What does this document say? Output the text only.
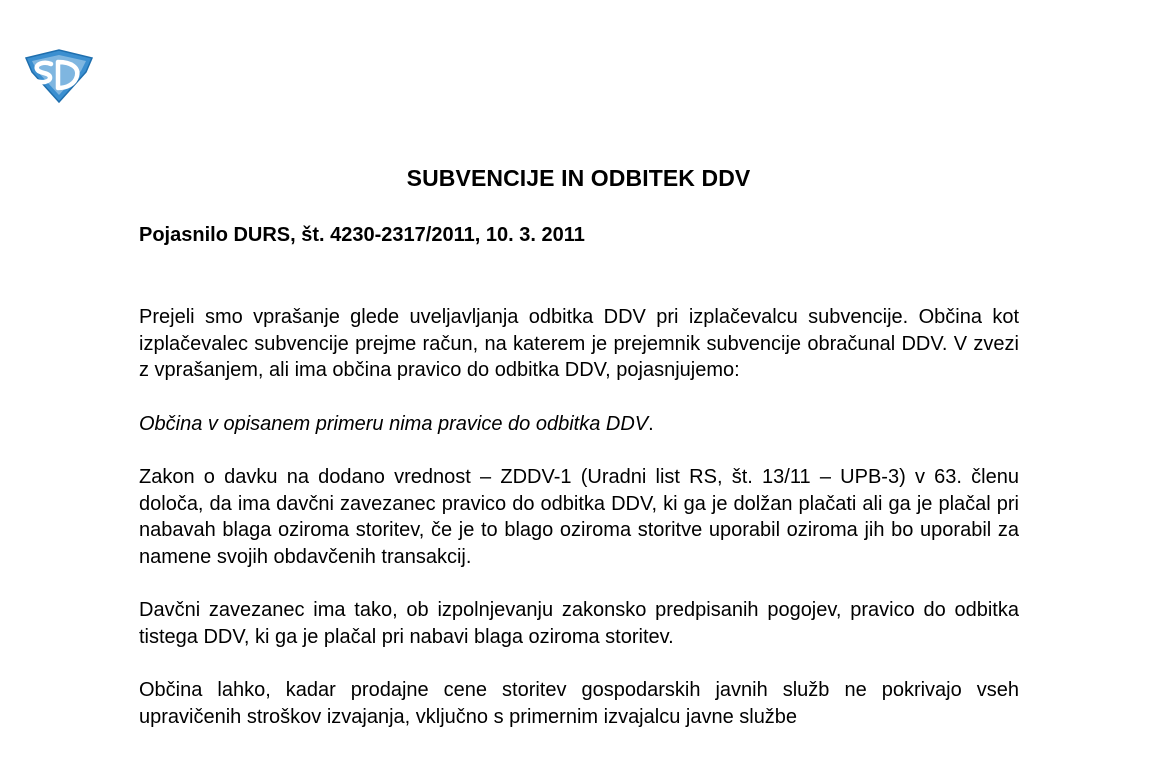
SUBVENCIJE IN ODBITEK DDV
Pojasnilo DURS, št. 4230-2317/2011, 10. 3. 2011

Prejeli smo vprašanje glede uveljavljanja odbitka DDV pri izplačevalcu subvencije. Občina kot izplačevalec subvencije prejme račun, na katerem je prejemnik subvencije obračunal DDV. V zvezi z vprašanjem, ali ima občina pravico do odbitka DDV, pojasnjujemo:

Občina v opisanem primeru nima pravice do odbitka DDV.

Zakon o davku na dodano vrednost – ZDDV-1 (Uradni list RS, št. 13/11 – UPB-3) v 63. členu določa, da ima davčni zavezanec pravico do odbitka DDV, ki ga je dolžan plačati ali ga je plačal pri nabavah blaga oziroma storitev, če je to blago oziroma storitve uporabil oziroma jih bo uporabil za namene svojih obdavčenih transakcij.

Davčni zavezanec ima tako, ob izpolnjevanju zakonsko predpisanih pogojev, pravico do odbitka tistega DDV, ki ga je plačal pri nabavi blaga oziroma storitev.

Občina lahko, kadar prodajne cene storitev gospodarskih javnih služb ne pokrivajo vseh upravičenih stroškov izvajanja, vključno s primernim izvajalcu javne službe
